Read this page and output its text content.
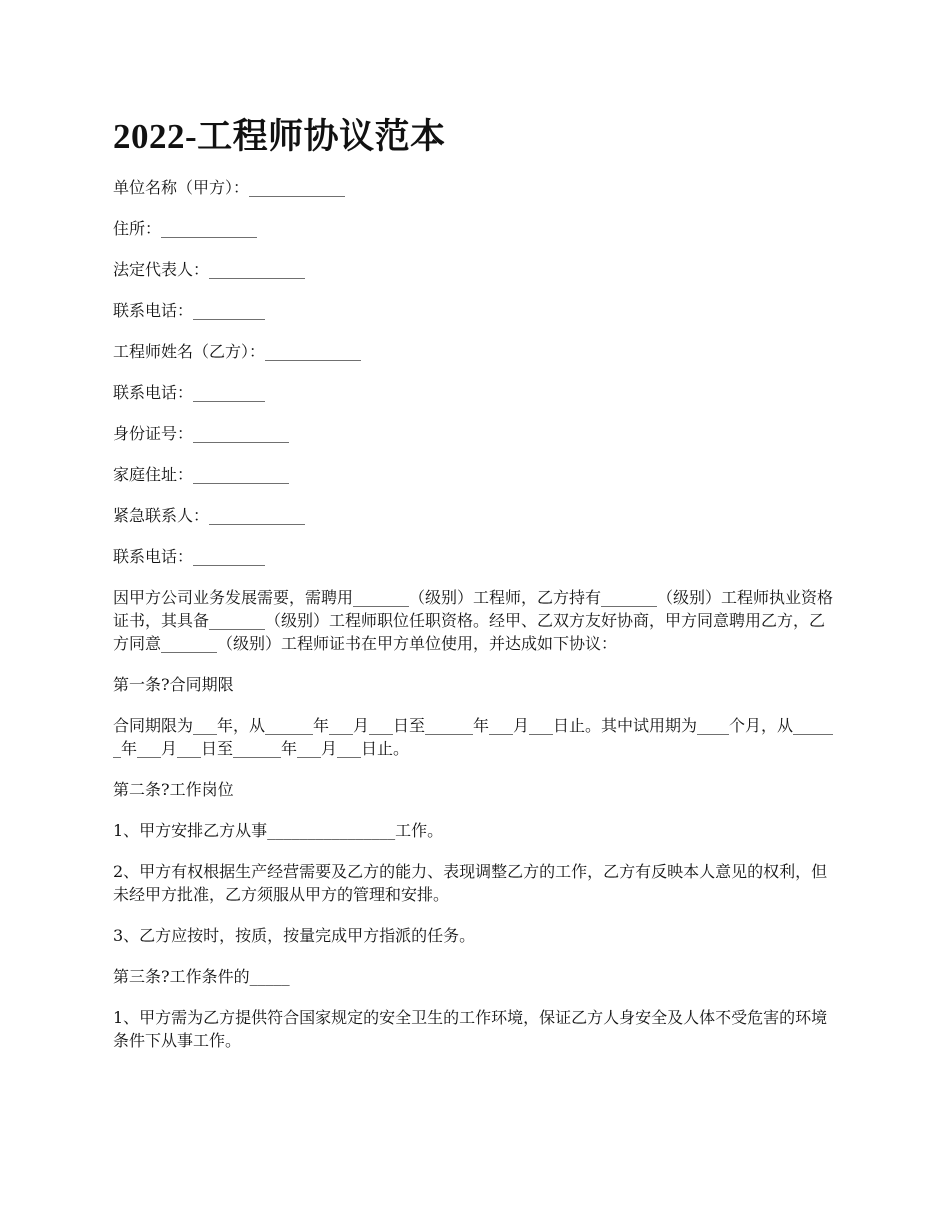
2022-工程师协议范本

单位名称（甲方）：____________

住所：____________

法定代表人：____________

联系电话：_________

工程师姓名（乙方）：____________

联系电话：_________

身份证号：____________

家庭住址：____________

紧急联系人：____________

联系电话：_________

因甲方公司业务发展需要，需聘用_______（级别）工程师，乙方持有_______（级别）工程师执业资格证书，其具备_______（级别）工程师职位任职资格。经甲、乙双方友好协商，甲方同意聘用乙方，乙方同意_______（级别）工程师证书在甲方单位使用，并达成如下协议：

第一条?合同期限

合同期限为___年，从______年___月___日至______年___月___日止。其中试用期为____个月，从______年___月___日至______年___月___日止。

第二条?工作岗位

1、甲方安排乙方从事________________工作。

2、甲方有权根据生产经营需要及乙方的能力、表现调整乙方的工作，乙方有反映本人意见的权利，但未经甲方批准，乙方须服从甲方的管理和安排。

3、乙方应按时，按质，按量完成甲方指派的任务。

第三条?工作条件的_____

1、甲方需为乙方提供符合国家规定的安全卫生的工作环境，保证乙方人身安全及人体不受危害的环境条件下从事工作。
